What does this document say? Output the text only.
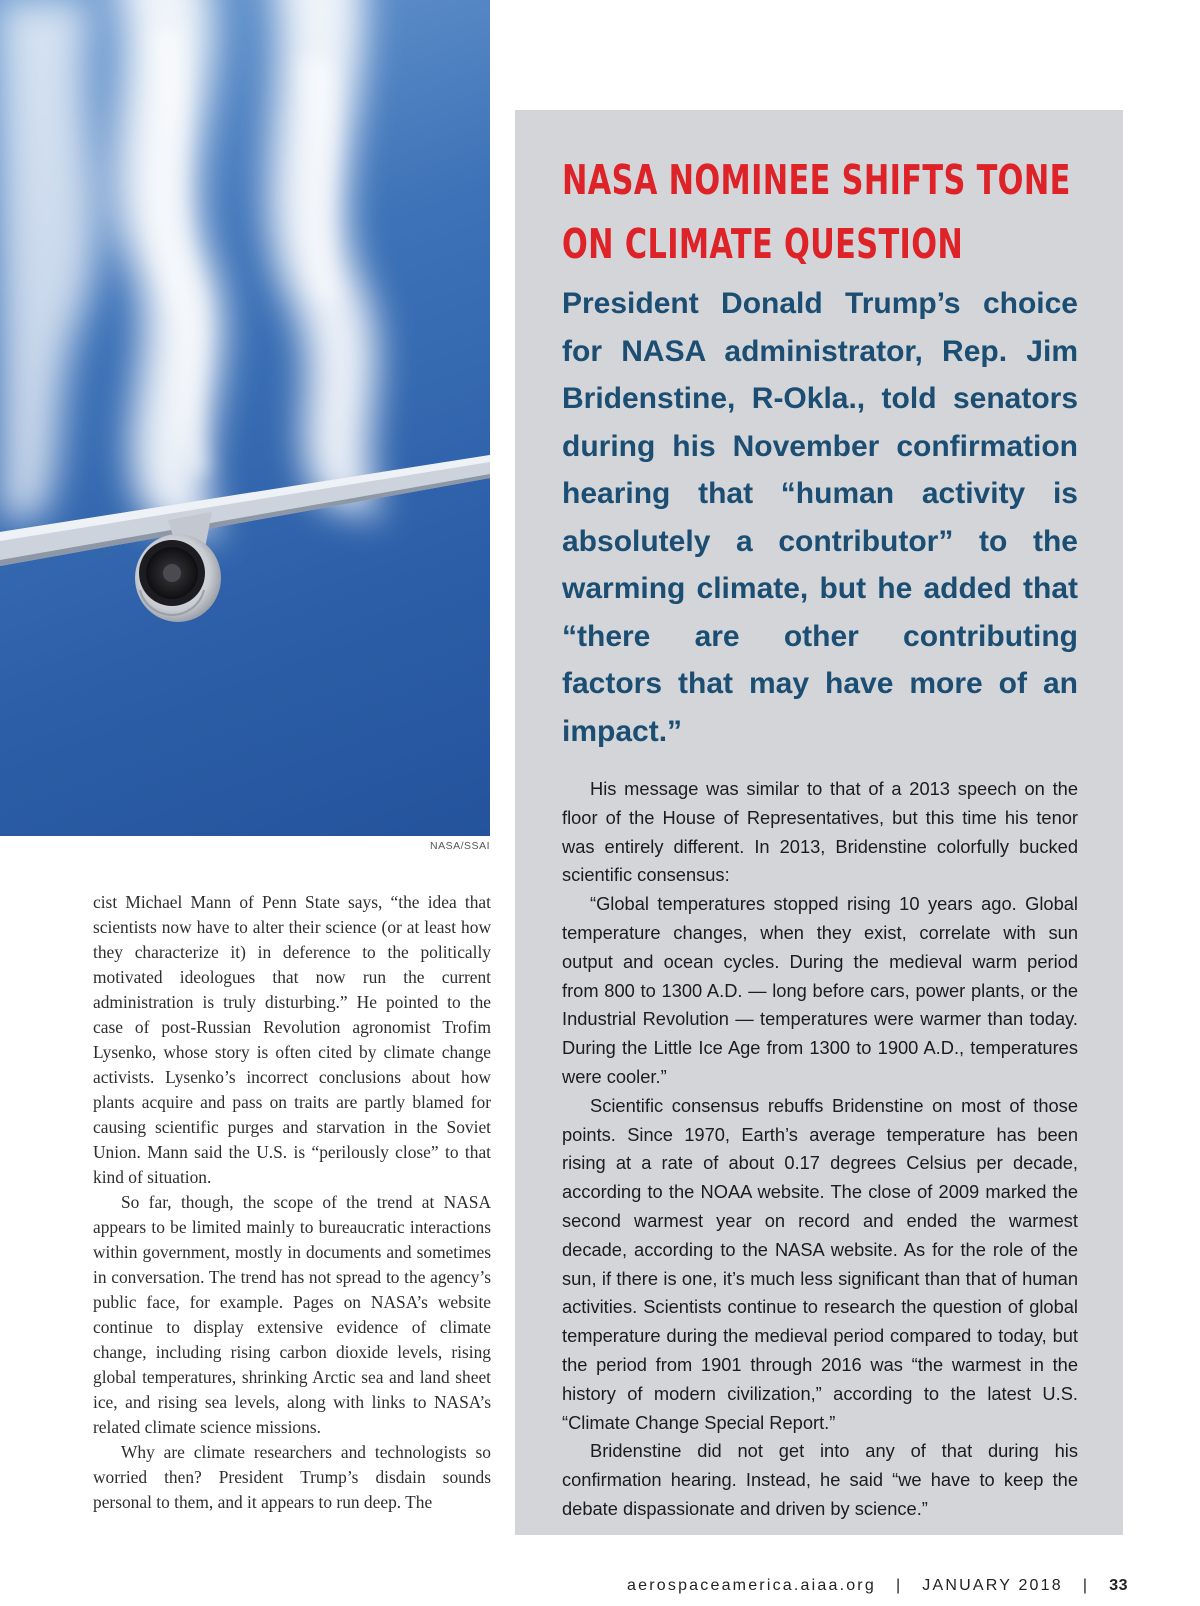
NASA/SSAI

cist Michael Mann of Penn State says, “the idea that scientists now have to alter their science (or at least how they characterize it) in deference to the politically motivated ideologues that now run the current administration is truly disturbing.” He pointed to the case of post-Russian Revolution agronomist Trofim Lysenko, whose story is often cited by climate change activists. Lysenko’s incorrect conclusions about how plants acquire and pass on traits are partly blamed for causing scientific purges and starvation in the Soviet Union. Mann said the U.S. is “perilously close” to that kind of situation.

So far, though, the scope of the trend at NASA appears to be limited mainly to bureaucratic interactions within government, mostly in documents and sometimes in conversation. The trend has not spread to the agency’s public face, for example. Pages on NASA’s website continue to display extensive evidence of climate change, including rising carbon dioxide levels, rising global temperatures, shrinking Arctic sea and land sheet ice, and rising sea levels, along with links to NASA’s related climate science missions.

Why are climate researchers and technologists so worried then? President Trump’s disdain sounds personal to them, and it appears to run deep. The

NASA NOMINEE SHIFTS TONE
ON CLIMATE QUESTION

President Donald Trump’s choice for NASA administrator, Rep. Jim Bridenstine, R-Okla., told senators during his November confirmation hearing that “human activity is absolutely a contributor” to the warming climate, but he added that “there are other contributing factors that may have more of an impact.”

His message was similar to that of a 2013 speech on the floor of the House of Representatives, but this time his tenor was entirely different. In 2013, Bridenstine colorfully bucked scientific consensus:

“Global temperatures stopped rising 10 years ago. Global temperature changes, when they exist, correlate with sun output and ocean cycles. During the medieval warm period from 800 to 1300 A.D. — long before cars, power plants, or the Industrial Revolution — temperatures were warmer than today. During the Little Ice Age from 1300 to 1900 A.D., temperatures were cooler.”

Scientific consensus rebuffs Bridenstine on most of those points. Since 1970, Earth’s average temperature has been rising at a rate of about 0.17 degrees Celsius per decade, according to the NOAA website. The close of 2009 marked the second warmest year on record and ended the warmest decade, according to the NASA website. As for the role of the sun, if there is one, it’s much less significant than that of human activities. Scientists continue to research the question of global temperature during the medieval period compared to today, but the period from 1901 through 2016 was “the warmest in the history of modern civilization,” according to the latest U.S. “Climate Change Special Report.”

Bridenstine did not get into any of that during his confirmation hearing. Instead, he said “we have to keep the debate dispassionate and driven by science.”

aerospaceamerica.aiaa.org | JANUARY 2018 | 33
